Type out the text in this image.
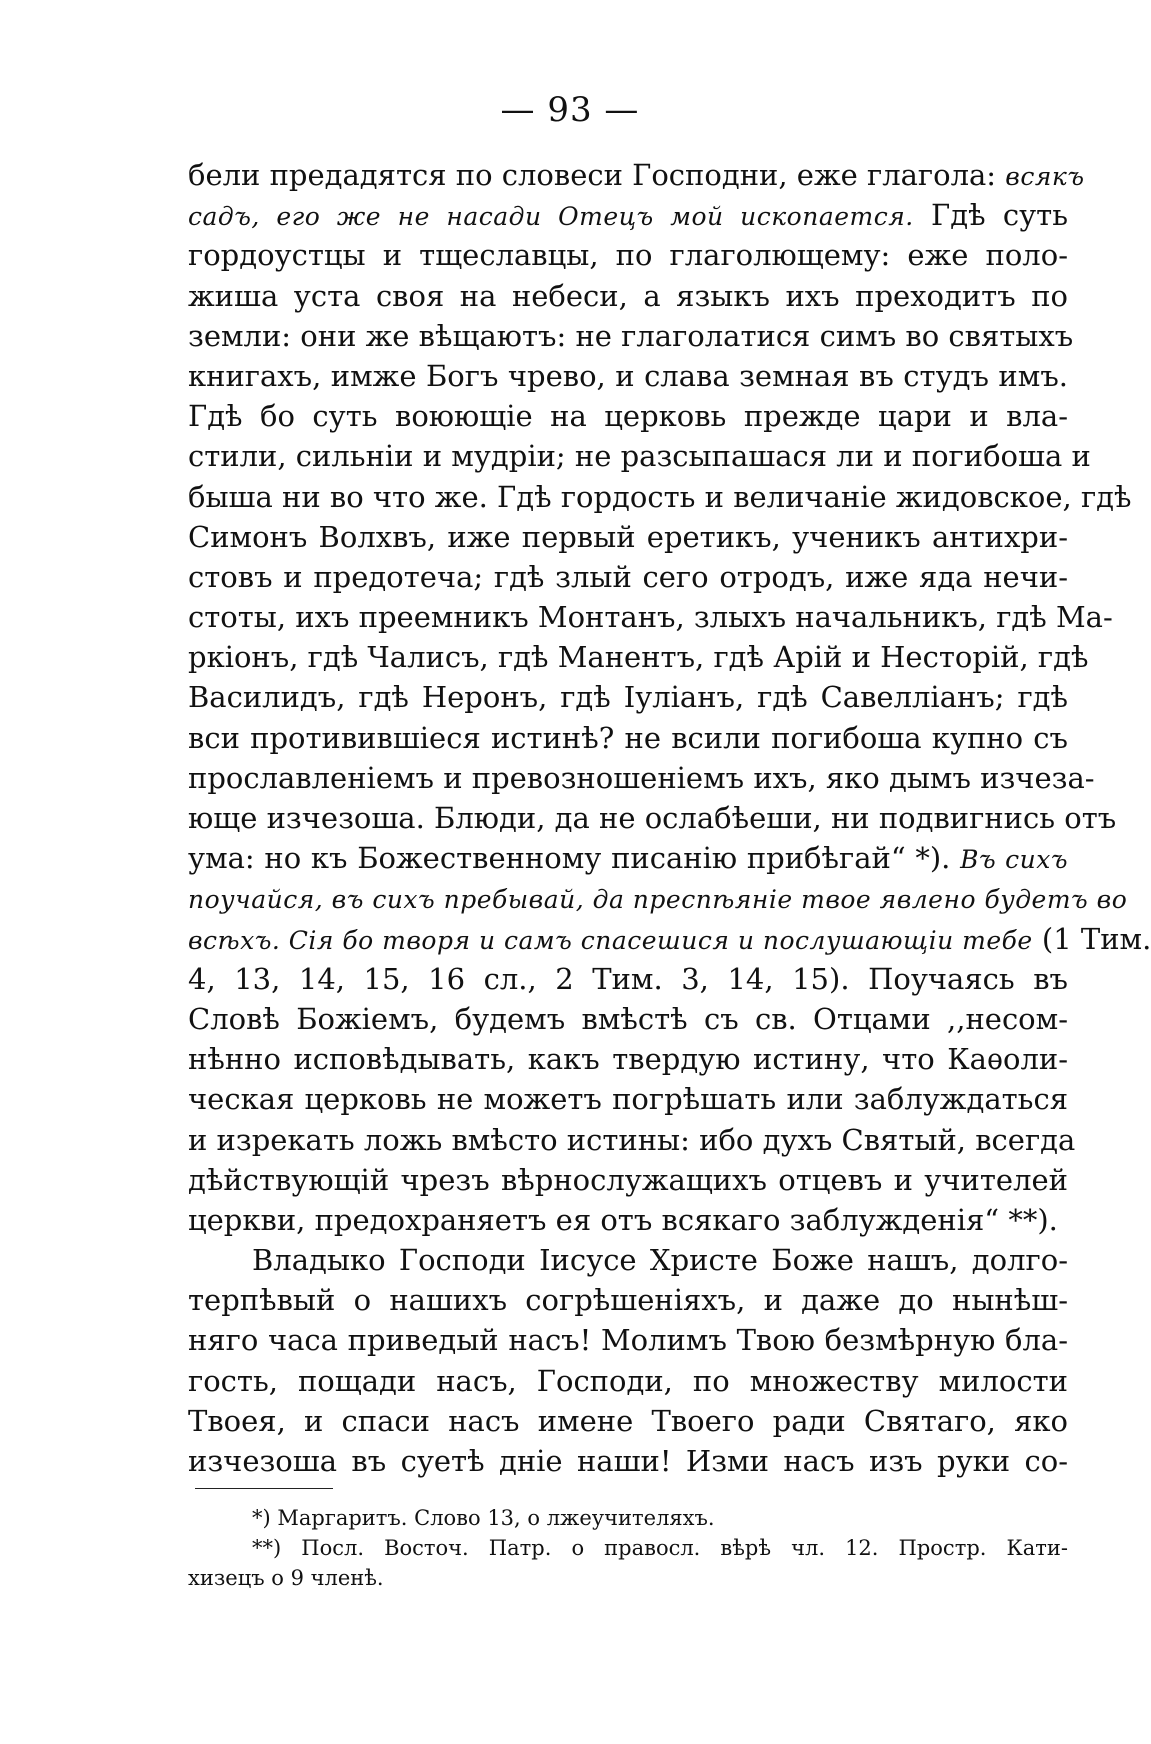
— 93 —
бели предадятся по словеси Господни, еже глагола: всякъ
садъ, его же не насади Отецъ мой ископается. Гдѣ суть
гордоустцы и тщеславцы, по глаголющему: еже поло-
жиша уста своя на небеси, а языкъ ихъ преходитъ по
земли: они же вѣщаютъ: не глаголатися симъ во святыхъ
книгахъ, имже Богъ чрево, и слава земная въ студъ имъ.
Гдѣ бо суть воюющіе на церковь прежде цари и вла-
стили, сильніи и мудріи; не разсыпашася ли и погибоша и
быша ни во что же. Гдѣ гордость и величаніе жидовское, гдѣ
Симонъ Волхвъ, иже первый еретикъ, ученикъ антихри-
стовъ и предотеча; гдѣ злый сего отродъ, иже яда нечи-
стоты, ихъ преемникъ Монтанъ, злыхъ начальникъ, гдѣ Ма-
ркіонъ, гдѣ Чалисъ, гдѣ Манентъ, гдѣ Арій и Несторій, гдѣ
Василидъ, гдѣ Неронъ, гдѣ Іуліанъ, гдѣ Савелліанъ; гдѣ
вси противившіеся истинѣ? не всили погибоша купно съ
прославленіемъ и превозношеніемъ ихъ, яко дымъ изчеза-
юще изчезоша. Блюди, да не ослабѣеши, ни подвигнись отъ
ума: но къ Божественному писанію прибѣгай“ *). Въ сихъ
поучайся, въ сихъ пребывай, да преспѣяніе твое явлено будетъ во
всѣхъ. Сія бо творя и самъ спасешися и послушающіи тебе (1 Тим.
4, 13, 14, 15, 16 сл., 2 Тим. 3, 14, 15). Поучаясь въ
Словѣ Божіемъ, будемъ вмѣстѣ съ св. Отцами ,,несом-
нѣнно исповѣдывать, какъ твердую истину, что Каѳоли-
ческая церковь не можетъ погрѣшать или заблуждаться
и изрекать ложь вмѣсто истины: ибо духъ Святый, всегда
дѣйствующій чрезъ вѣрнослужащихъ отцевъ и учителей
церкви, предохраняетъ ея отъ всякаго заблужденія“ **).
Владыко Господи Іисусе Христе Боже нашъ, долго-
терпѣвый о нашихъ согрѣшеніяхъ, и даже до нынѣш-
няго часа приведый насъ! Молимъ Твою безмѣрную бла-
гость, пощади насъ, Господи, по множеству милости
Твоея, и спаси насъ имене Твоего ради Святаго, яко
изчезоша въ суетѣ дніе наши! Изми насъ изъ руки со-
*) Маргаритъ. Слово 13, о лжеучителяхъ.
**) Посл. Восточ. Патр. о правосл. вѣрѣ чл. 12. Простр. Кати-
хизецъ о 9 членѣ.
